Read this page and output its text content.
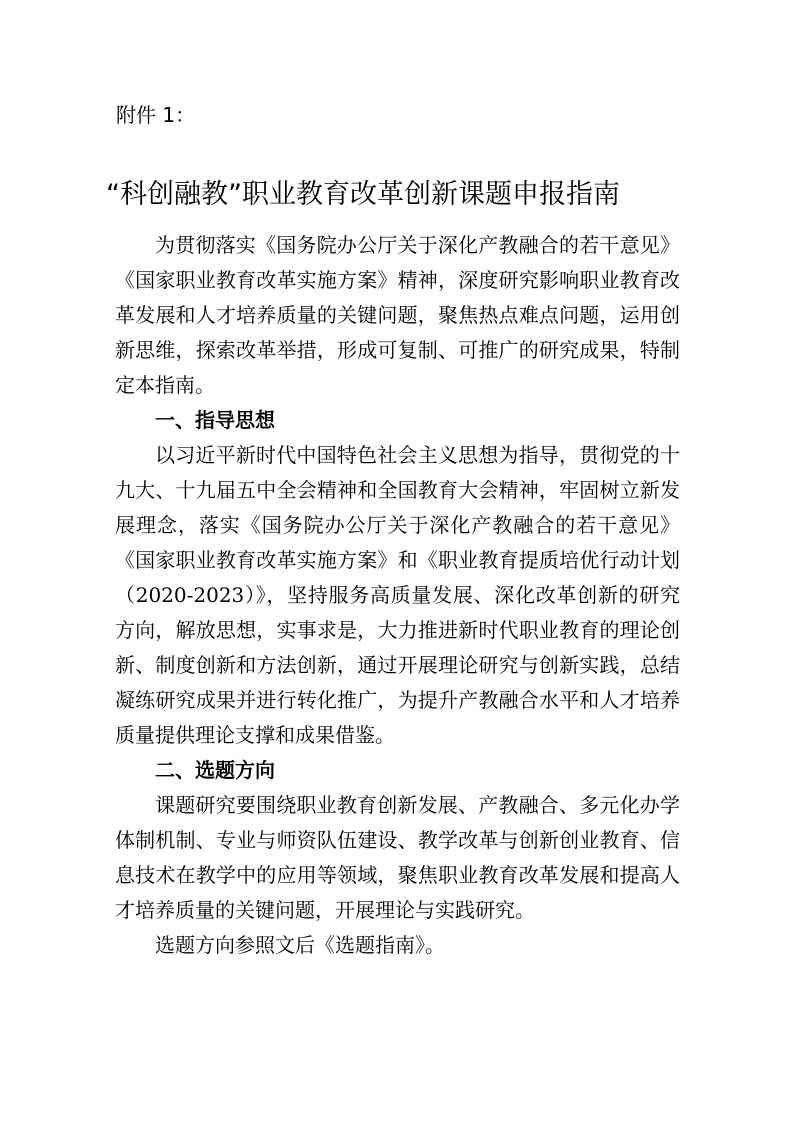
附件 1：
“科创融教”职业教育改革创新课题申报指南

为贯彻落实《国务院办公厅关于深化产教融合的若干意见》《国家职业教育改革实施方案》精神，深度研究影响职业教育改革发展和人才培养质量的关键问题，聚焦热点难点问题，运用创新思维，探索改革举措，形成可复制、可推广的研究成果，特制定本指南。

一、指导思想

以习近平新时代中国特色社会主义思想为指导，贯彻党的十九大、十九届五中全会精神和全国教育大会精神，牢固树立新发展理念，落实《国务院办公厅关于深化产教融合的若干意见》《国家职业教育改革实施方案》和《职业教育提质培优行动计划（2020-2023）》，坚持服务高质量发展、深化改革创新的研究方向，解放思想，实事求是，大力推进新时代职业教育的理论创新、制度创新和方法创新，通过开展理论研究与创新实践，总结凝练研究成果并进行转化推广，为提升产教融合水平和人才培养质量提供理论支撑和成果借鉴。

二、选题方向

课题研究要围绕职业教育创新发展、产教融合、多元化办学体制机制、专业与师资队伍建设、教学改革与创新创业教育、信息技术在教学中的应用等领域，聚焦职业教育改革发展和提高人才培养质量的关键问题，开展理论与实践研究。

选题方向参照文后《选题指南》。
